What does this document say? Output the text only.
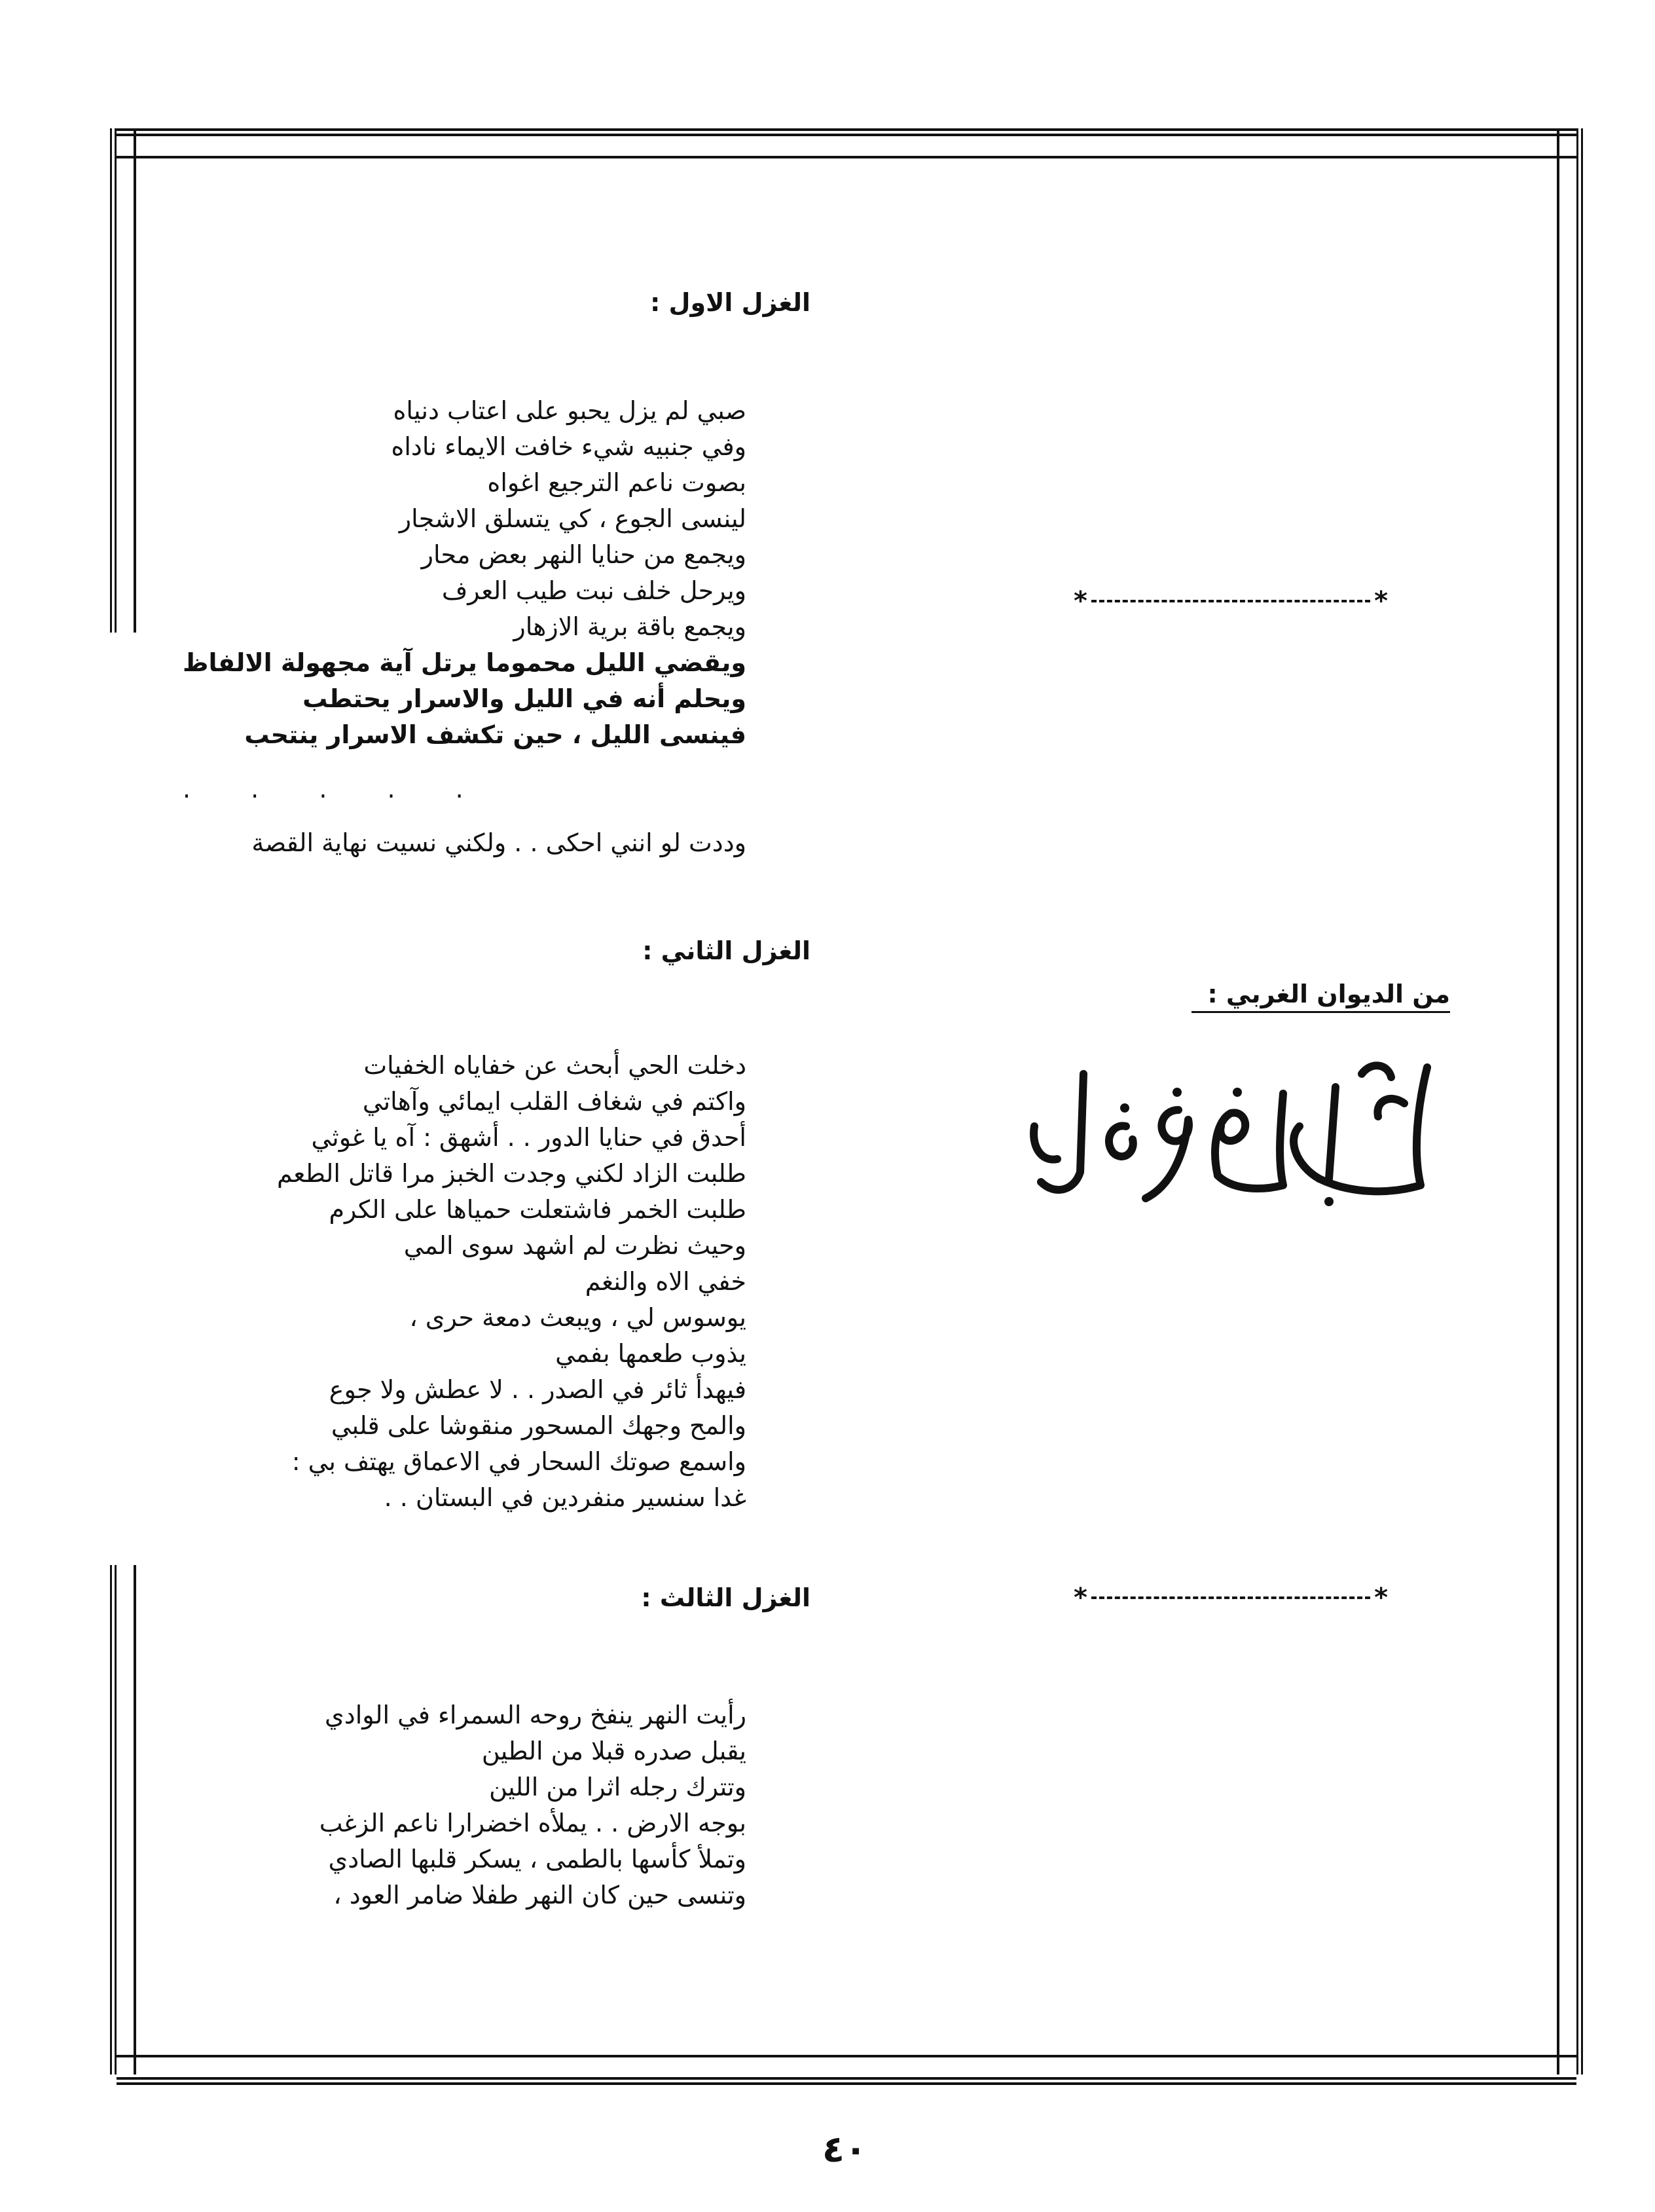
الغزل الاول :
صبي لم يزل يحبو على اعتاب دنياه
وفي جنبيه شيء خافت الايماء ناداه
بصوت ناعم الترجيع اغواه
لينسى الجوع ، كي يتسلق الاشجار
ويجمع من حنايا النهر بعض محار
ويرحل خلف نبت طيب العرف
ويجمع باقة برية الازهار
ويقضي الليل محموما يرتل آية مجهولة الالفاظ
ويحلم أنه في الليل والاسرار يحتطب
فينسى الليل ، حين تكشف الاسرار ينتحب
. . . . .
وددت لو انني احكى . . ولكني نسيت نهاية القصة
الغزل الثاني :
دخلت الحي أبحث عن خفاياه الخفيات
واكتم في شغاف القلب ايمائي وآهاتي
أحدق في حنايا الدور . . أشهق : آه يا غوثي
طلبت الزاد لكني وجدت الخبز مرا قاتل الطعم
طلبت الخمر فاشتعلت حمياها على الكرم
وحيث نظرت لم اشهد سوى المي
خفي الاه والنغم
يوسوس لي ، ويبعث دمعة حرى ،
يذوب طعمها بفمي
فيهدأ ثائر في الصدر . . لا عطش ولا جوع
والمح وجهك المسحور منقوشا على قلبي
واسمع صوتك السحار في الاعماق يهتف بي :
غدا سنسير منفردين في البستان . .
الغزل الثالث :
رأيت النهر ينفخ روحه السمراء في الوادي
يقبل صدره قبلا من الطين
وتترك رجله اثرا من اللين
بوجه الارض . . يملأه اخضرارا ناعم الزغب
وتملأ كأسها بالطمى ، يسكر قلبها الصادي
وتنسى حين كان النهر طفلا ضامر العود ،
*	*
من الديوان الغربي :
*	*
٤٠
